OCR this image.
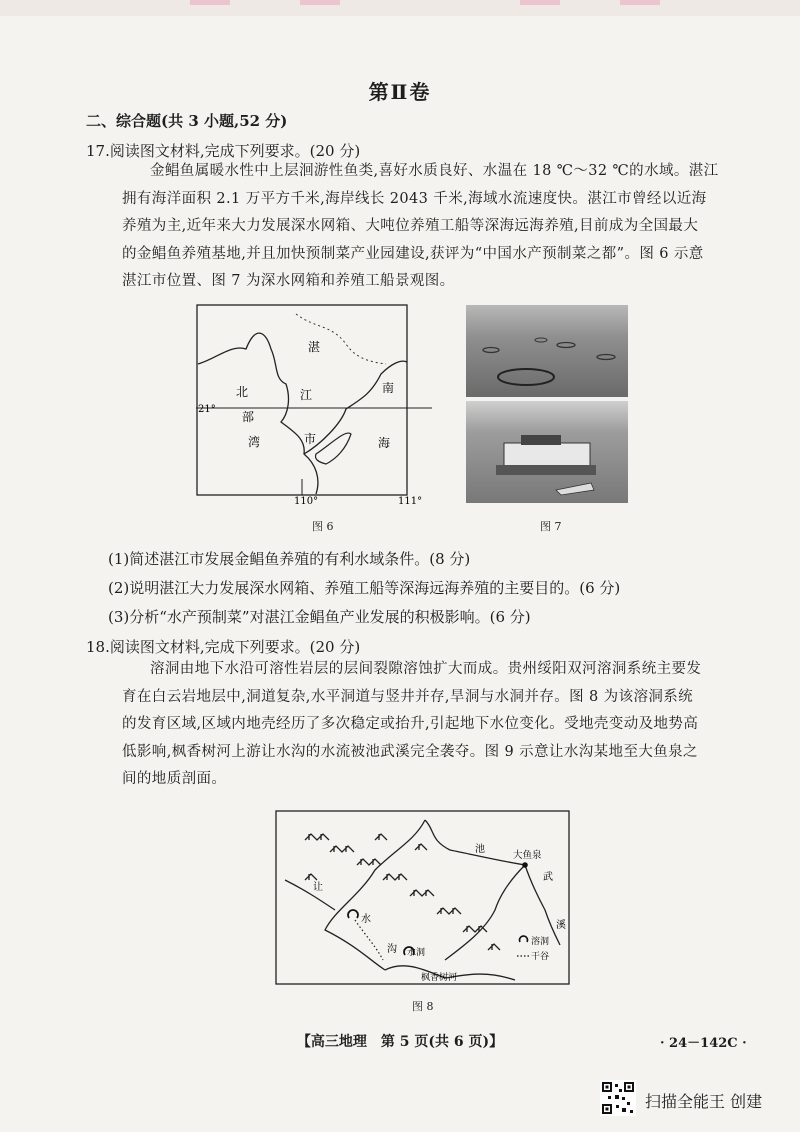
第Ⅱ卷
二、综合题(共 3 小题,52 分)
17.阅读图文材料,完成下列要求。(20 分)
金鲳鱼属暖水性中上层洄游性鱼类,喜好水质良好、水温在 18 ℃～32 ℃的水域。湛江
拥有海洋面积 2.1 万平方千米,海岸线长 2043 千米,海域水流速度快。湛江市曾经以近海
养殖为主,近年来大力发展深水网箱、大吨位养殖工船等深海远海养殖,目前成为全国最大
的金鲳鱼养殖基地,并且加快预制菜产业园建设,获评为“中国水产预制菜之都”。图 6 示意
湛江市位置、图 7 为深水网箱和养殖工船景观图。
湛
江
市
北
部
湾
南
海
21°
110°	111°
图 6	图 7
(1)简述湛江市发展金鲳鱼养殖的有利水域条件。(8 分)
(2)说明湛江大力发展深水网箱、养殖工船等深海远海养殖的主要目的。(6 分)
(3)分析“水产预制菜”对湛江金鲳鱼产业发展的积极影响。(6 分)
18.阅读图文材料,完成下列要求。(20 分)
溶洞由地下水沿可溶性岩层的层间裂隙溶蚀扩大而成。贵州绥阳双河溶洞系统主要发
育在白云岩地层中,洞道复杂,水平洞道与竖井并存,旱洞与水洞并存。图 8 为该溶洞系统
的发育区域,区域内地壳经历了多次稳定或抬升,引起地下水位变化。受地壳变动及地势高
低影响,枫香树河上游让水沟的水流被池武溪完全袭夺。图 9 示意让水沟某地至大鱼泉之
间的地质剖面。
池
大鱼泉
武
溪
让
水
沟 水洞
枫香树河
溶洞
干谷
图 8
【高三地理　第 5 页(共 6 页)】	· 24－142C ·
扫描全能王 创建
